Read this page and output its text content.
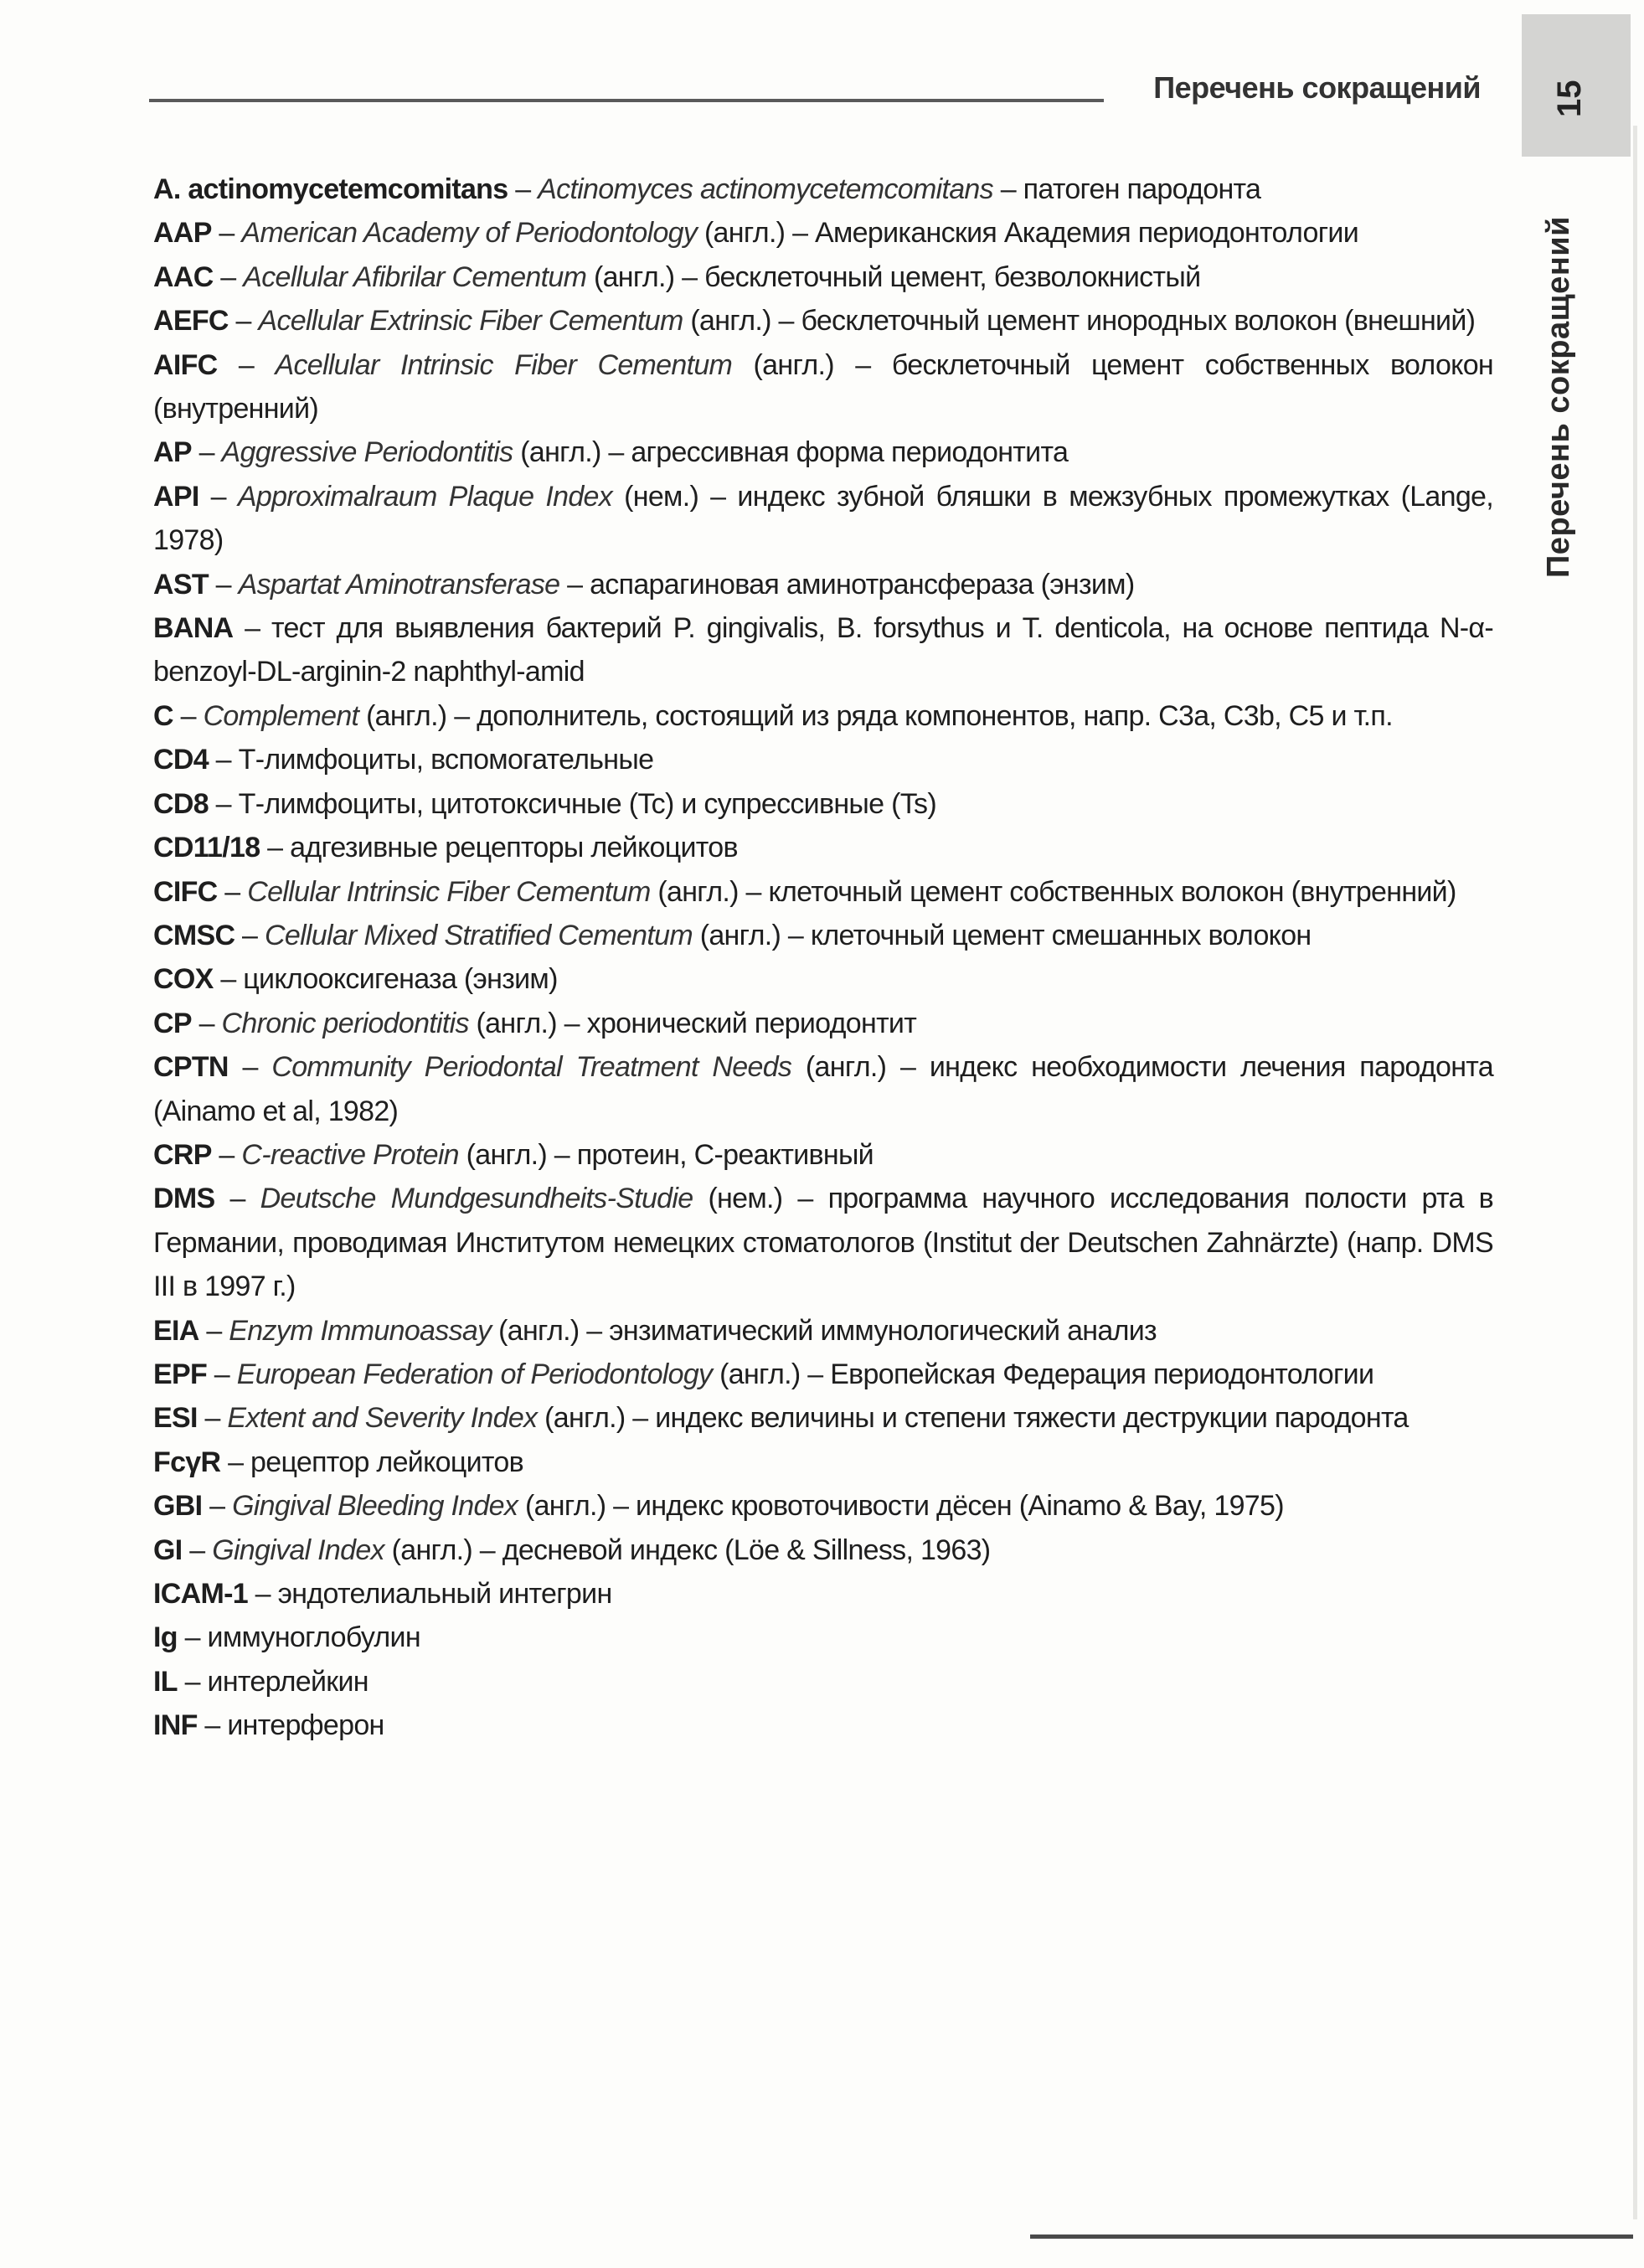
15
Перечень сокращений
Перечень сокращений

A. actinomycetemcomitans – Actinomyces actinomycetemcomitans – патоген пародонта

AAP – American Academy of Periodontology (англ.) – Американския Академия периодонтологии

AAC – Acellular Afibrilar Cementum (англ.) – бесклеточный цемент, безволокнистый

AEFC – Acellular Extrinsic Fiber Cementum (англ.) – бесклеточный цемент инородных волокон (внешний)

AIFC – Acellular Intrinsic Fiber Cementum (англ.) – бесклеточный цемент собственных волокон (внутренний)

AP – Aggressive Periodontitis (англ.) – агрессивная форма периодонтита

API – Approximalraum Plaque Index (нем.) – индекс зубной бляшки в межзубных промежутках (Lange, 1978)

AST – Aspartat Aminotransferase – аспарагиновая аминотрансфераза (энзим)

BANA – тест для выявления бактерий P. gingivalis, B. forsythus и T. denticola, на основе пептида N-α-benzoyl-DL-arginin-2 naphthyl-amid

C – Complement (англ.) – дополнитель, состоящий из ряда компонентов, напр. C3a, C3b, C5 и т.п.

CD4 – Т-лимфоциты, вспомогательные

CD8 – Т-лимфоциты, цитотоксичные (Tc) и супрессивные (Ts)

CD11/18 – адгезивные рецепторы лейкоцитов

CIFC – Cellular Intrinsic Fiber Cementum (англ.) – клеточный цемент собственных волокон (внутренний)

CMSC – Cellular Mixed Stratified Cementum (англ.) – клеточный цемент смешанных волокон

COX – циклооксигеназа (энзим)

CP – Chronic periodontitis (англ.) – хронический периодонтит

CPTN – Community Periodontal Treatment Needs (англ.) – индекс необходимости лечения пародонта (Ainamo et al, 1982)

CRP – C-reactive Protein (англ.) – протеин, С-реактивный

DMS – Deutsche Mundgesundheits-Studie (нем.) – программа научного исследования полости рта в Германии, проводимая Институтом немецких стоматологов (Institut der Deutschen Zahnärzte) (напр. DMS III в 1997 г.)

EIA – Enzym Immunoassay (англ.) – энзиматический иммунологический анализ

EPF – European Federation of Periodontology (англ.) – Европейская Федерация периодонтологии

ESI – Extent and Severity Index (англ.) – индекс величины и степени тяжести деструкции пародонта

FcγR – рецептор лейкоцитов

GBI – Gingival Bleeding Index (англ.) – индекс кровоточивости дёсен (Ainamo & Bay, 1975)

GI – Gingival Index (англ.) – десневой индекс (Löe & Sillness, 1963)

ICAM-1 – эндотелиальный интегрин

Ig – иммуноглобулин

IL – интерлейкин

INF – интерферон
